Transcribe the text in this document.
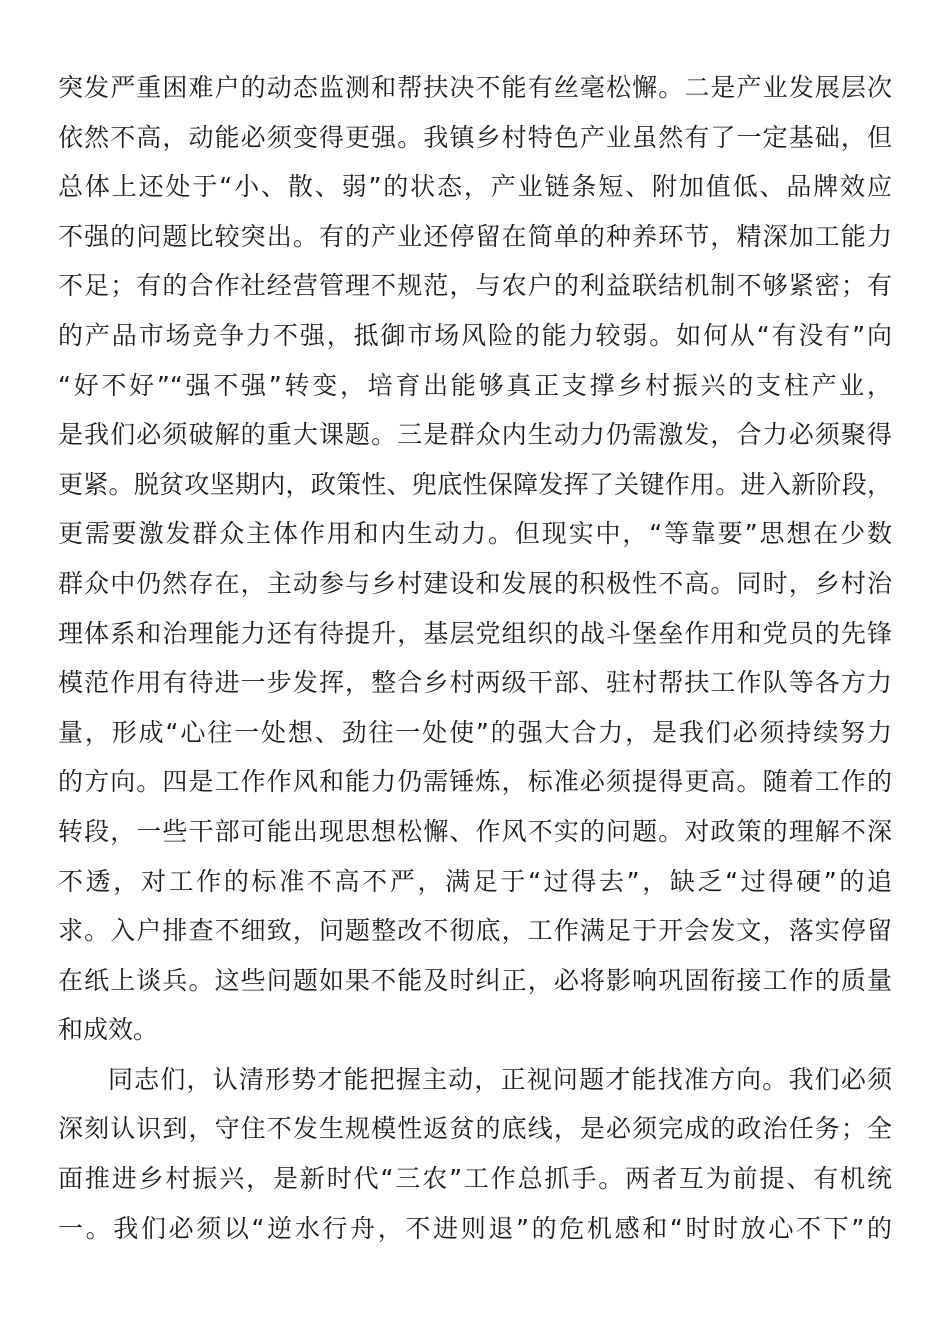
突发严重困难户的动态监测和帮扶决不能有丝毫松懈。二是产业发展层次
依然不高，动能必须变得更强。我镇乡村特色产业虽然有了一定基础，但
总体上还处于“小、散、弱”的状态，产业链条短、附加值低、品牌效应
不强的问题比较突出。有的产业还停留在简单的种养环节，精深加工能力
不足；有的合作社经营管理不规范，与农户的利益联结机制不够紧密；有
的产品市场竞争力不强，抵御市场风险的能力较弱。如何从“有没有”向
“好不好”“强不强”转变，培育出能够真正支撑乡村振兴的支柱产业，
是我们必须破解的重大课题。三是群众内生动力仍需激发，合力必须聚得
更紧。脱贫攻坚期内，政策性、兜底性保障发挥了关键作用。进入新阶段，
更需要激发群众主体作用和内生动力。但现实中，“等靠要”思想在少数
群众中仍然存在，主动参与乡村建设和发展的积极性不高。同时，乡村治
理体系和治理能力还有待提升，基层党组织的战斗堡垒作用和党员的先锋
模范作用有待进一步发挥，整合乡村两级干部、驻村帮扶工作队等各方力
量，形成“心往一处想、劲往一处使”的强大合力，是我们必须持续努力
的方向。四是工作作风和能力仍需锤炼，标准必须提得更高。随着工作的
转段，一些干部可能出现思想松懈、作风不实的问题。对政策的理解不深
不透，对工作的标准不高不严，满足于“过得去”，缺乏“过得硬”的追
求。入户排查不细致，问题整改不彻底，工作满足于开会发文，落实停留
在纸上谈兵。这些问题如果不能及时纠正，必将影响巩固衔接工作的质量
和成效。
同志们，认清形势才能把握主动，正视问题才能找准方向。我们必须
深刻认识到，守住不发生规模性返贫的底线，是必须完成的政治任务；全
面推进乡村振兴，是新时代“三农”工作总抓手。两者互为前提、有机统
一。我们必须以“逆水行舟，不进则退”的危机感和“时时放心不下”的
